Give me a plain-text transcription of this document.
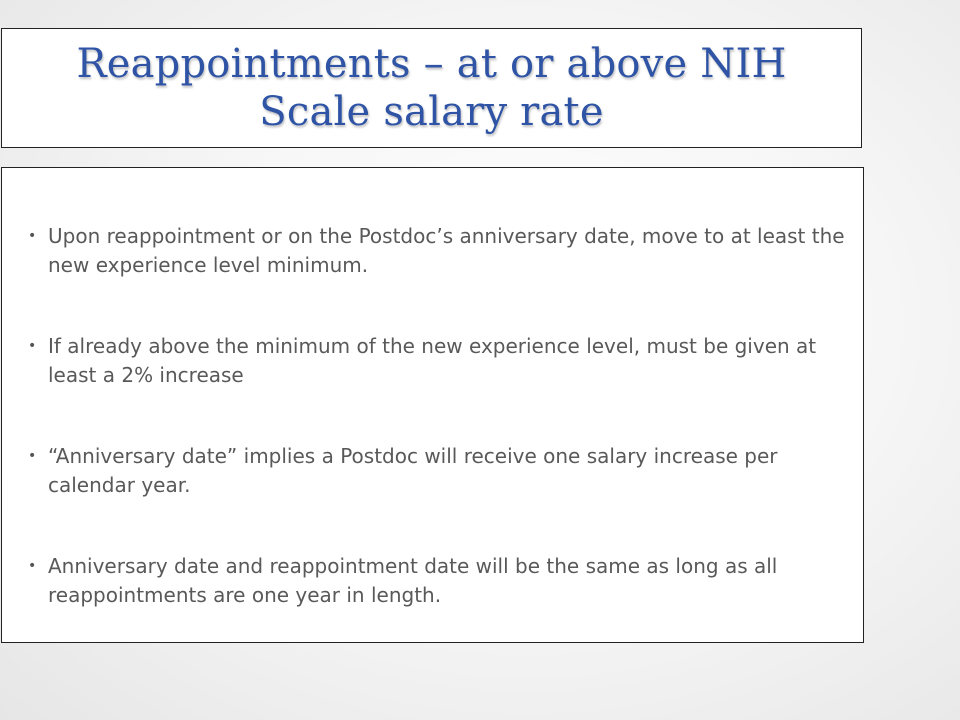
Reappointments – at or above NIH Scale salary rate
• Upon reappointment or on the Postdoc’s anniversary date, move to at least the new experience level minimum.
• If already above the minimum of the new experience level, must be given at least a 2% increase
• “Anniversary date” implies a Postdoc will receive one salary increase per calendar year.
• Anniversary date and reappointment date will be the same as long as all reappointments are one year in length.
